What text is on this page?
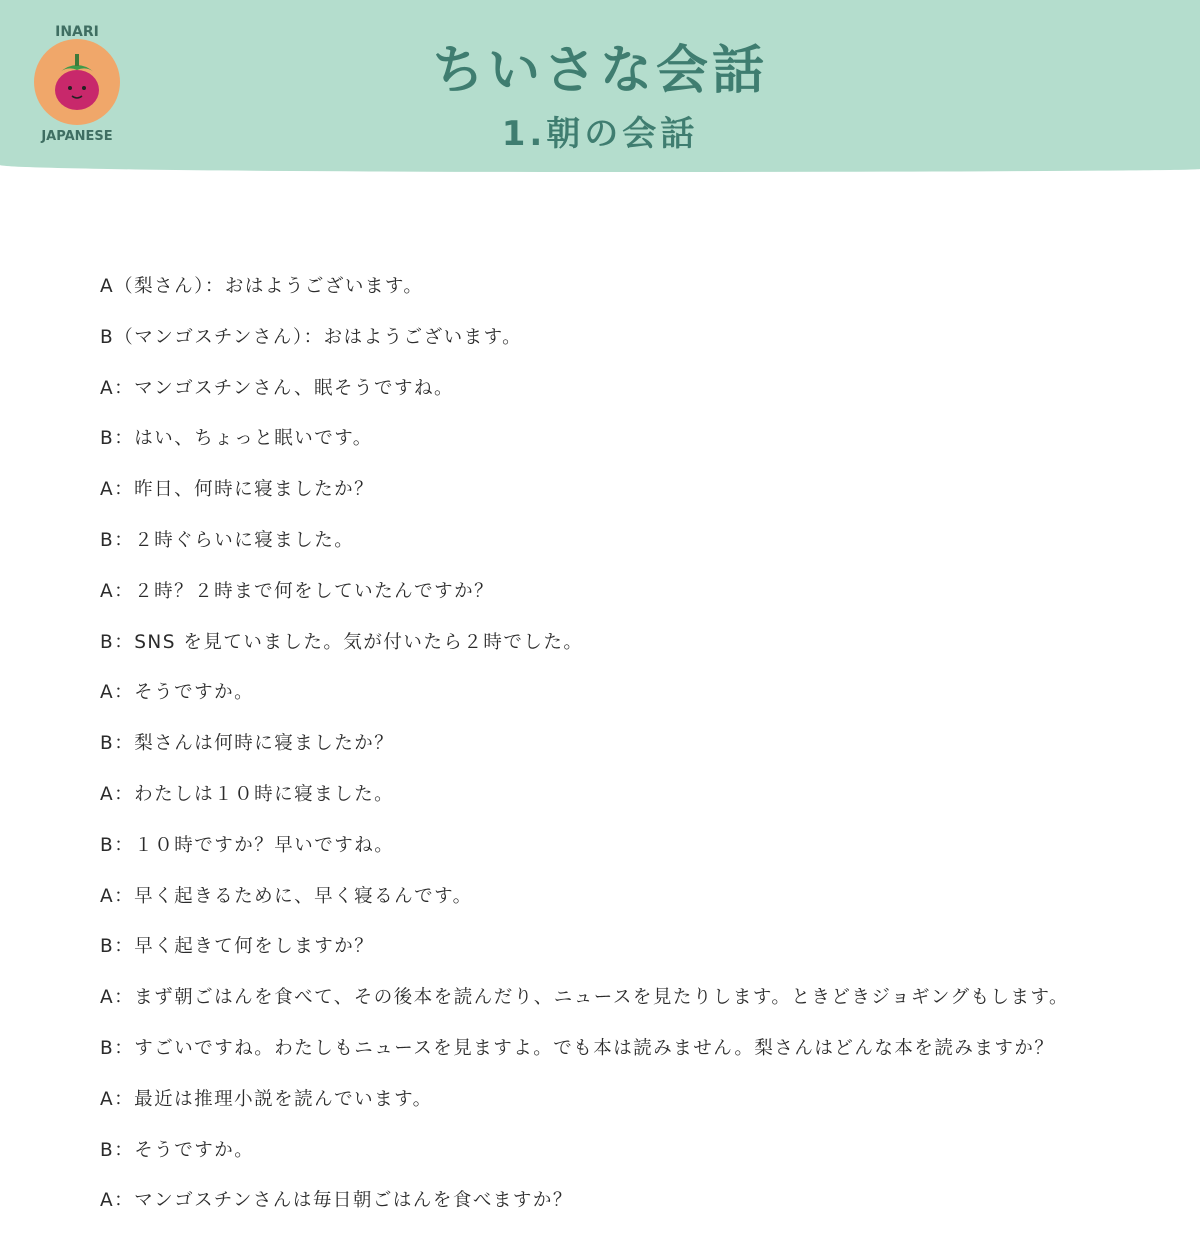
INARI
JAPANESE
ちいさな会話
1.朝の会話
A（梨さん）：おはようございます。
B（マンゴスチンさん）：おはようございます。
A：マンゴスチンさん、眠そうですね。
B：はい、ちょっと眠いです。
A：昨日、何時に寝ましたか？
B：２時ぐらいに寝ました。
A：２時？２時まで何をしていたんですか？
B：SNS を見ていました。気が付いたら２時でした。
A：そうですか。
B：梨さんは何時に寝ましたか？
A：わたしは１０時に寝ました。
B：１０時ですか？早いですね。
A：早く起きるために、早く寝るんです。
B：早く起きて何をしますか？
A：まず朝ごはんを食べて、その後本を読んだり、ニュースを見たりします。ときどきジョギングもします。
B：すごいですね。わたしもニュースを見ますよ。でも本は読みません。梨さんはどんな本を読みますか？
A：最近は推理小説を読んでいます。
B：そうですか。
A：マンゴスチンさんは毎日朝ごはんを食べますか？
